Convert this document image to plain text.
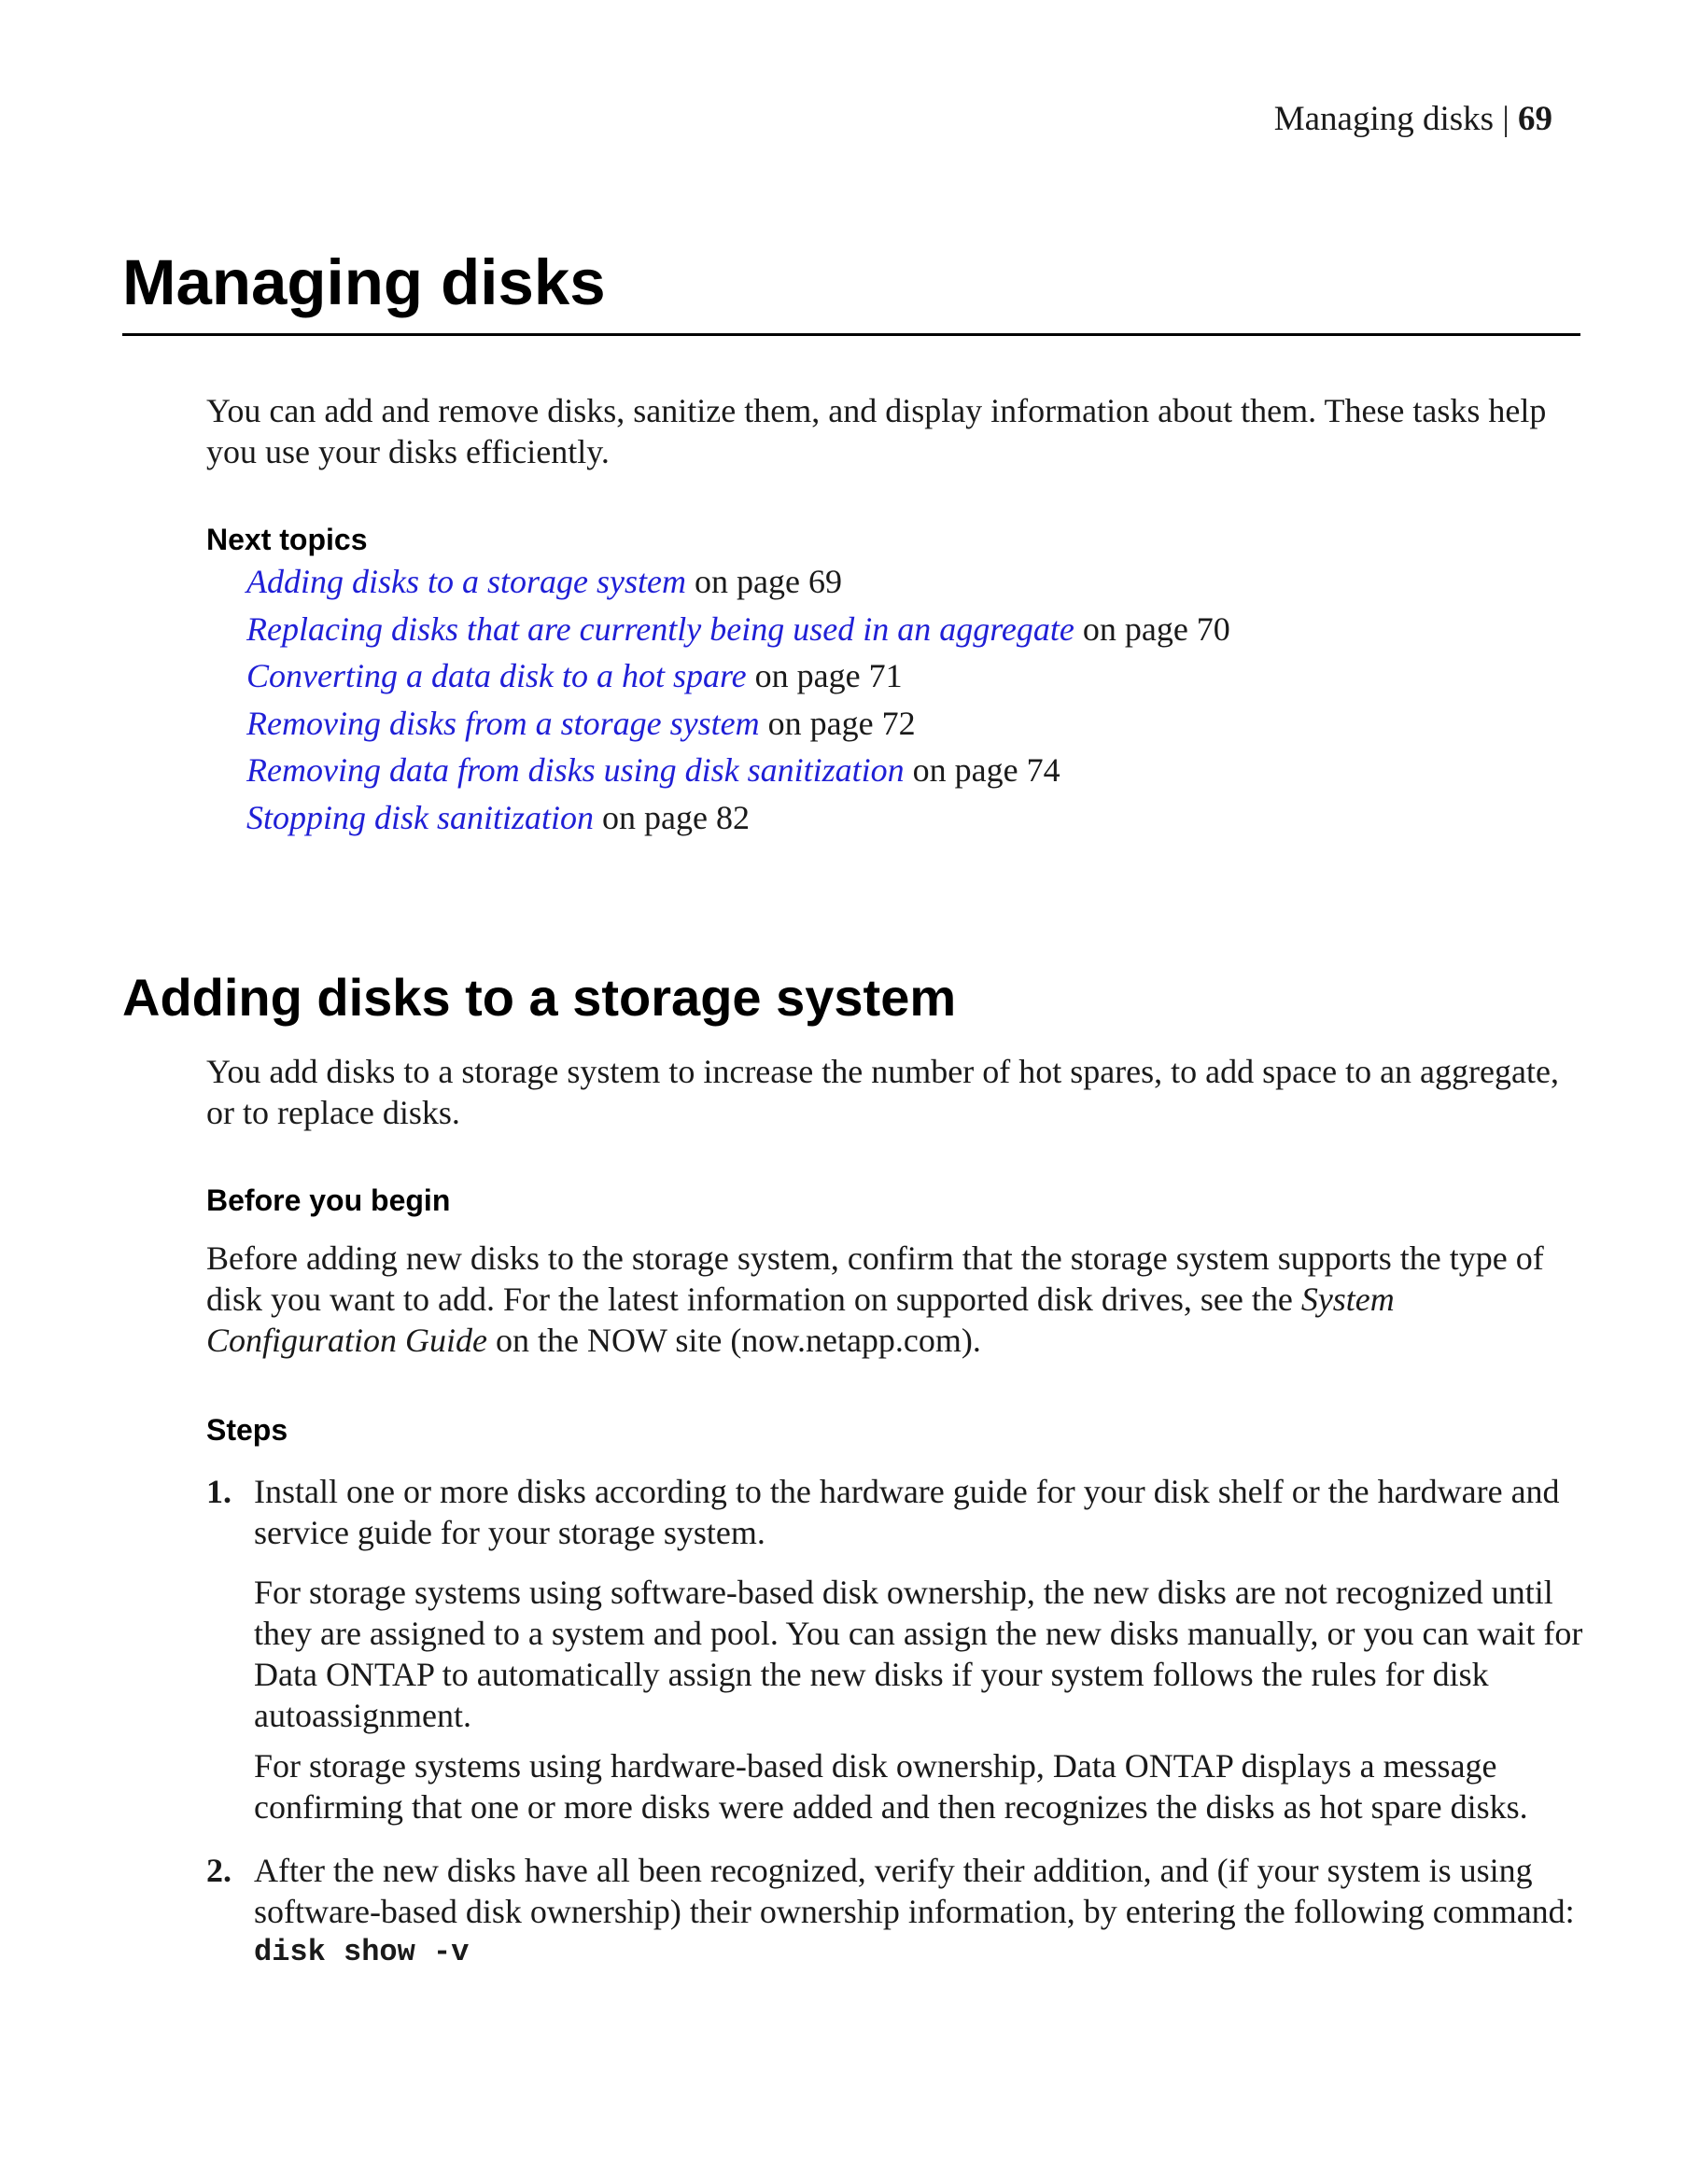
Managing disks | 69
Managing disks

You can add and remove disks, sanitize them, and display information about them. These tasks help you use your disks efficiently.

Next topics

Adding disks to a storage system on page 69
Replacing disks that are currently being used in an aggregate on page 70
Converting a data disk to a hot spare on page 71
Removing disks from a storage system on page 72
Removing data from disks using disk sanitization on page 74
Stopping disk sanitization on page 82
Adding disks to a storage system

You add disks to a storage system to increase the number of hot spares, to add space to an aggregate, or to replace disks.

Before you begin

Before adding new disks to the storage system, confirm that the storage system supports the type of disk you want to add. For the latest information on supported disk drives, see the System Configuration Guide on the NOW site (now.netapp.com).

Steps

1. Install one or more disks according to the hardware guide for your disk shelf or the hardware and service guide for your storage system.

For storage systems using software-based disk ownership, the new disks are not recognized until they are assigned to a system and pool. You can assign the new disks manually, or you can wait for Data ONTAP to automatically assign the new disks if your system follows the rules for disk autoassignment.

For storage systems using hardware-based disk ownership, Data ONTAP displays a message confirming that one or more disks were added and then recognizes the disks as hot spare disks.

2. After the new disks have all been recognized, verify their addition, and (if your system is using software-based disk ownership) their ownership information, by entering the following command:

disk show -v
